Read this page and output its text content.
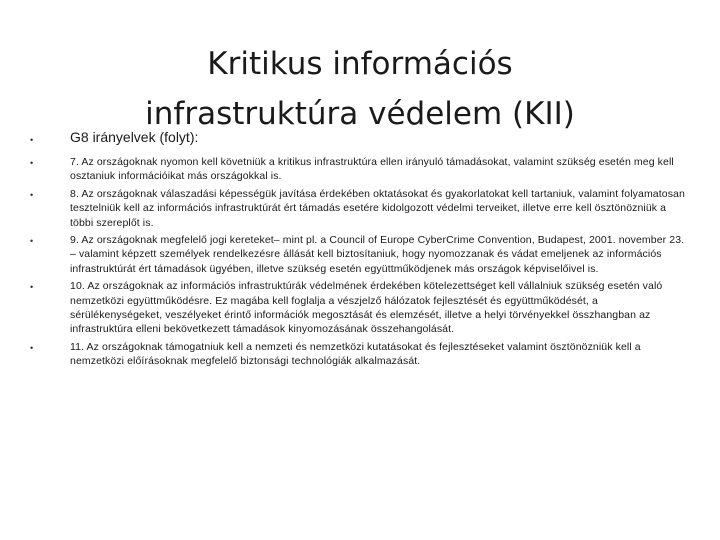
Kritikus információs
infrastruktúra védelem (KII)
•	G8 irányelvek (folyt):
•	7. Az országoknak nyomon kell követniük a kritikus infrastruktúra ellen irányuló támadásokat, valamint szükség esetén meg kell osztaniuk információikat más országokkal is.
•	8. Az országoknak válaszadási képességük javítása érdekében oktatásokat és gyakorlatokat kell tartaniuk, valamint folyamatosan tesztelniük kell az információs infrastruktúrát ért támadás esetére kidolgozott védelmi terveiket, illetve erre kell ösztönözniük a többi szereplőt is.
•	9. Az országoknak megfelelő jogi kereteket– mint pl. a Council of Europe CyberCrime Convention, Budapest, 2001. november 23. – valamint képzett személyek rendelkezésre állását kell biztosítaniuk, hogy nyomozzanak és vádat emeljenek az információs infrastruktúrát ért támadások ügyében, illetve szükség esetén együttműködjenek más országok képviselőivel is.
•	10. Az országoknak az információs infrastruktúrák védelmének érdekében kötelezettséget kell vállalniuk szükség esetén való nemzetközi együttműködésre. Ez magába kell foglalja a vészjelző hálózatok fejlesztését és együttműködését, a sérülékenységeket, veszélyeket érintő információk megosztását és elemzését, illetve a helyi törvényekkel összhangban az infrastruktúra elleni bekövetkezett támadások kinyomozásának összehangolását.
•	11. Az országoknak támogatniuk kell a nemzeti és nemzetközi kutatásokat és fejlesztéseket valamint ösztönözniük kell a nemzetközi előírásoknak megfelelő biztonsági technológiák alkalmazását.
